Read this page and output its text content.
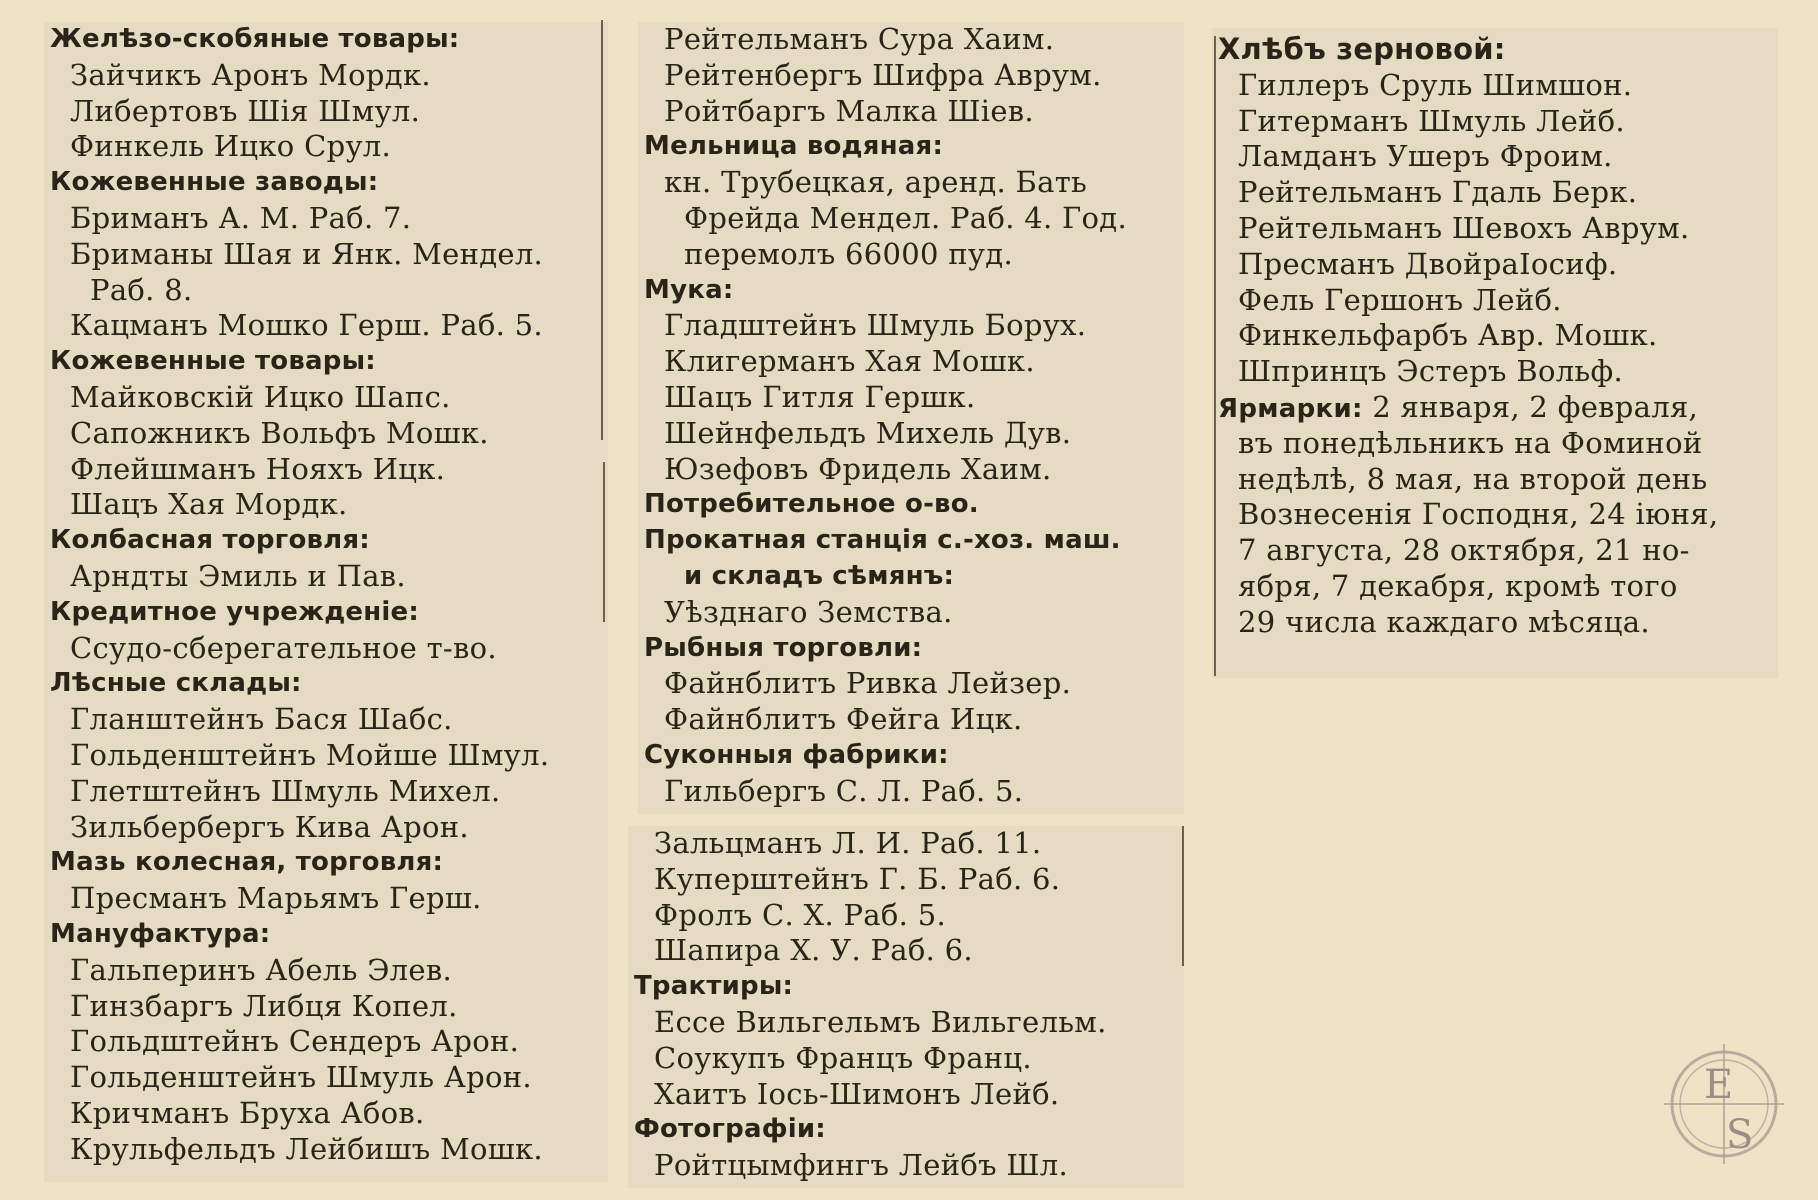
Желѣзо-скобяные товары:
Зайчикъ Аронъ Мордк.
Либертовъ Шія Шмул.
Финкель Ицко Срул.
Кожевенные заводы:
Бриманъ А. М. Раб. 7.
Бриманы Шая и Янк. Мендел.
Раб. 8.
Кацманъ Мошко Герш. Раб. 5.
Кожевенные товары:
Майковскій Ицко Шапс.
Сапожникъ Вольфъ Мошк.
Флейшманъ Нояхъ Ицк.
Шацъ Хая Мордк.
Колбасная торговля:
Арндты Эмиль и Пав.
Кредитное учрежденіе:
Ссудо-сберегательное т-во.
Лѣсные склады:
Гланштейнъ Бася Шабс.
Гольденштейнъ Мойше Шмул.
Глетштейнъ Шмуль Михел.
Зильбербергъ Кива Арон.
Мазь колесная, торговля:
Пресманъ Марьямъ Герш.
Мануфактура:
Гальперинъ Абель Элев.
Гинзбаргъ Либця Копел.
Гольдштейнъ Сендеръ Арон.
Гольденштейнъ Шмуль Арон.
Кричманъ Бруха Абов.
Крульфельдъ Лейбишъ Мошк.
Рейтельманъ Сура Хаим.
Рейтенбергъ Шифра Аврум.
Ройтбаргъ Малка Шіев.
Мельница водяная:
кн. Трубецкая, аренд. Бать
Фрейда Мендел. Раб. 4. Год.
перемолъ 66000 пуд.
Мука:
Гладштейнъ Шмуль Борух.
Клигерманъ Хая Мошк.
Шацъ Гитля Гершк.
Шейнфельдъ Михель Дув.
Юзефовъ Фридель Хаим.
Потребительное о-во.
Прокатная станція с.-хоз. маш.
и складъ сѣмянъ:
Уѣзднаго Земства.
Рыбныя торговли:
Файнблитъ Ривка Лейзер.
Файнблитъ Фейга Ицк.
Суконныя фабрики:
Гильбергъ С. Л. Раб. 5.
Зальцманъ Л. И. Раб. 11.
Куперштейнъ Г. Б. Раб. 6.
Фролъ С. Х. Раб. 5.
Шапира Х. У. Раб. 6.
Трактиры:
Ессе Вильгельмъ Вильгельм.
Соукупъ Францъ Франц.
Хаитъ Іось-Шимонъ Лейб.
Фотографіи:
Ройтцымфингъ Лейбъ Шл.
Хлѣбъ зерновой:
Гиллеръ Сруль Шимшон.
Гитерманъ Шмуль Лейб.
Ламданъ Ушеръ Фроим.
Рейтельманъ Гдаль Берк.
Рейтельманъ Шевохъ Аврум.
Пресманъ ДвойраІосиф.
Фель Гершонъ Лейб.
Финкельфарбъ Авр. Мошк.
Шпринцъ Эстеръ Вольф.
Ярмарки: 2 января, 2 февраля,
въ понедѣльникъ на Фоминой
недѣлѣ, 8 мая, на второй день
Вознесенія Господня, 24 іюня,
7 августа, 28 октября, 21 но-
ября, 7 декабря, кромѣ того
29 числа каждаго мѣсяца.
E
S
